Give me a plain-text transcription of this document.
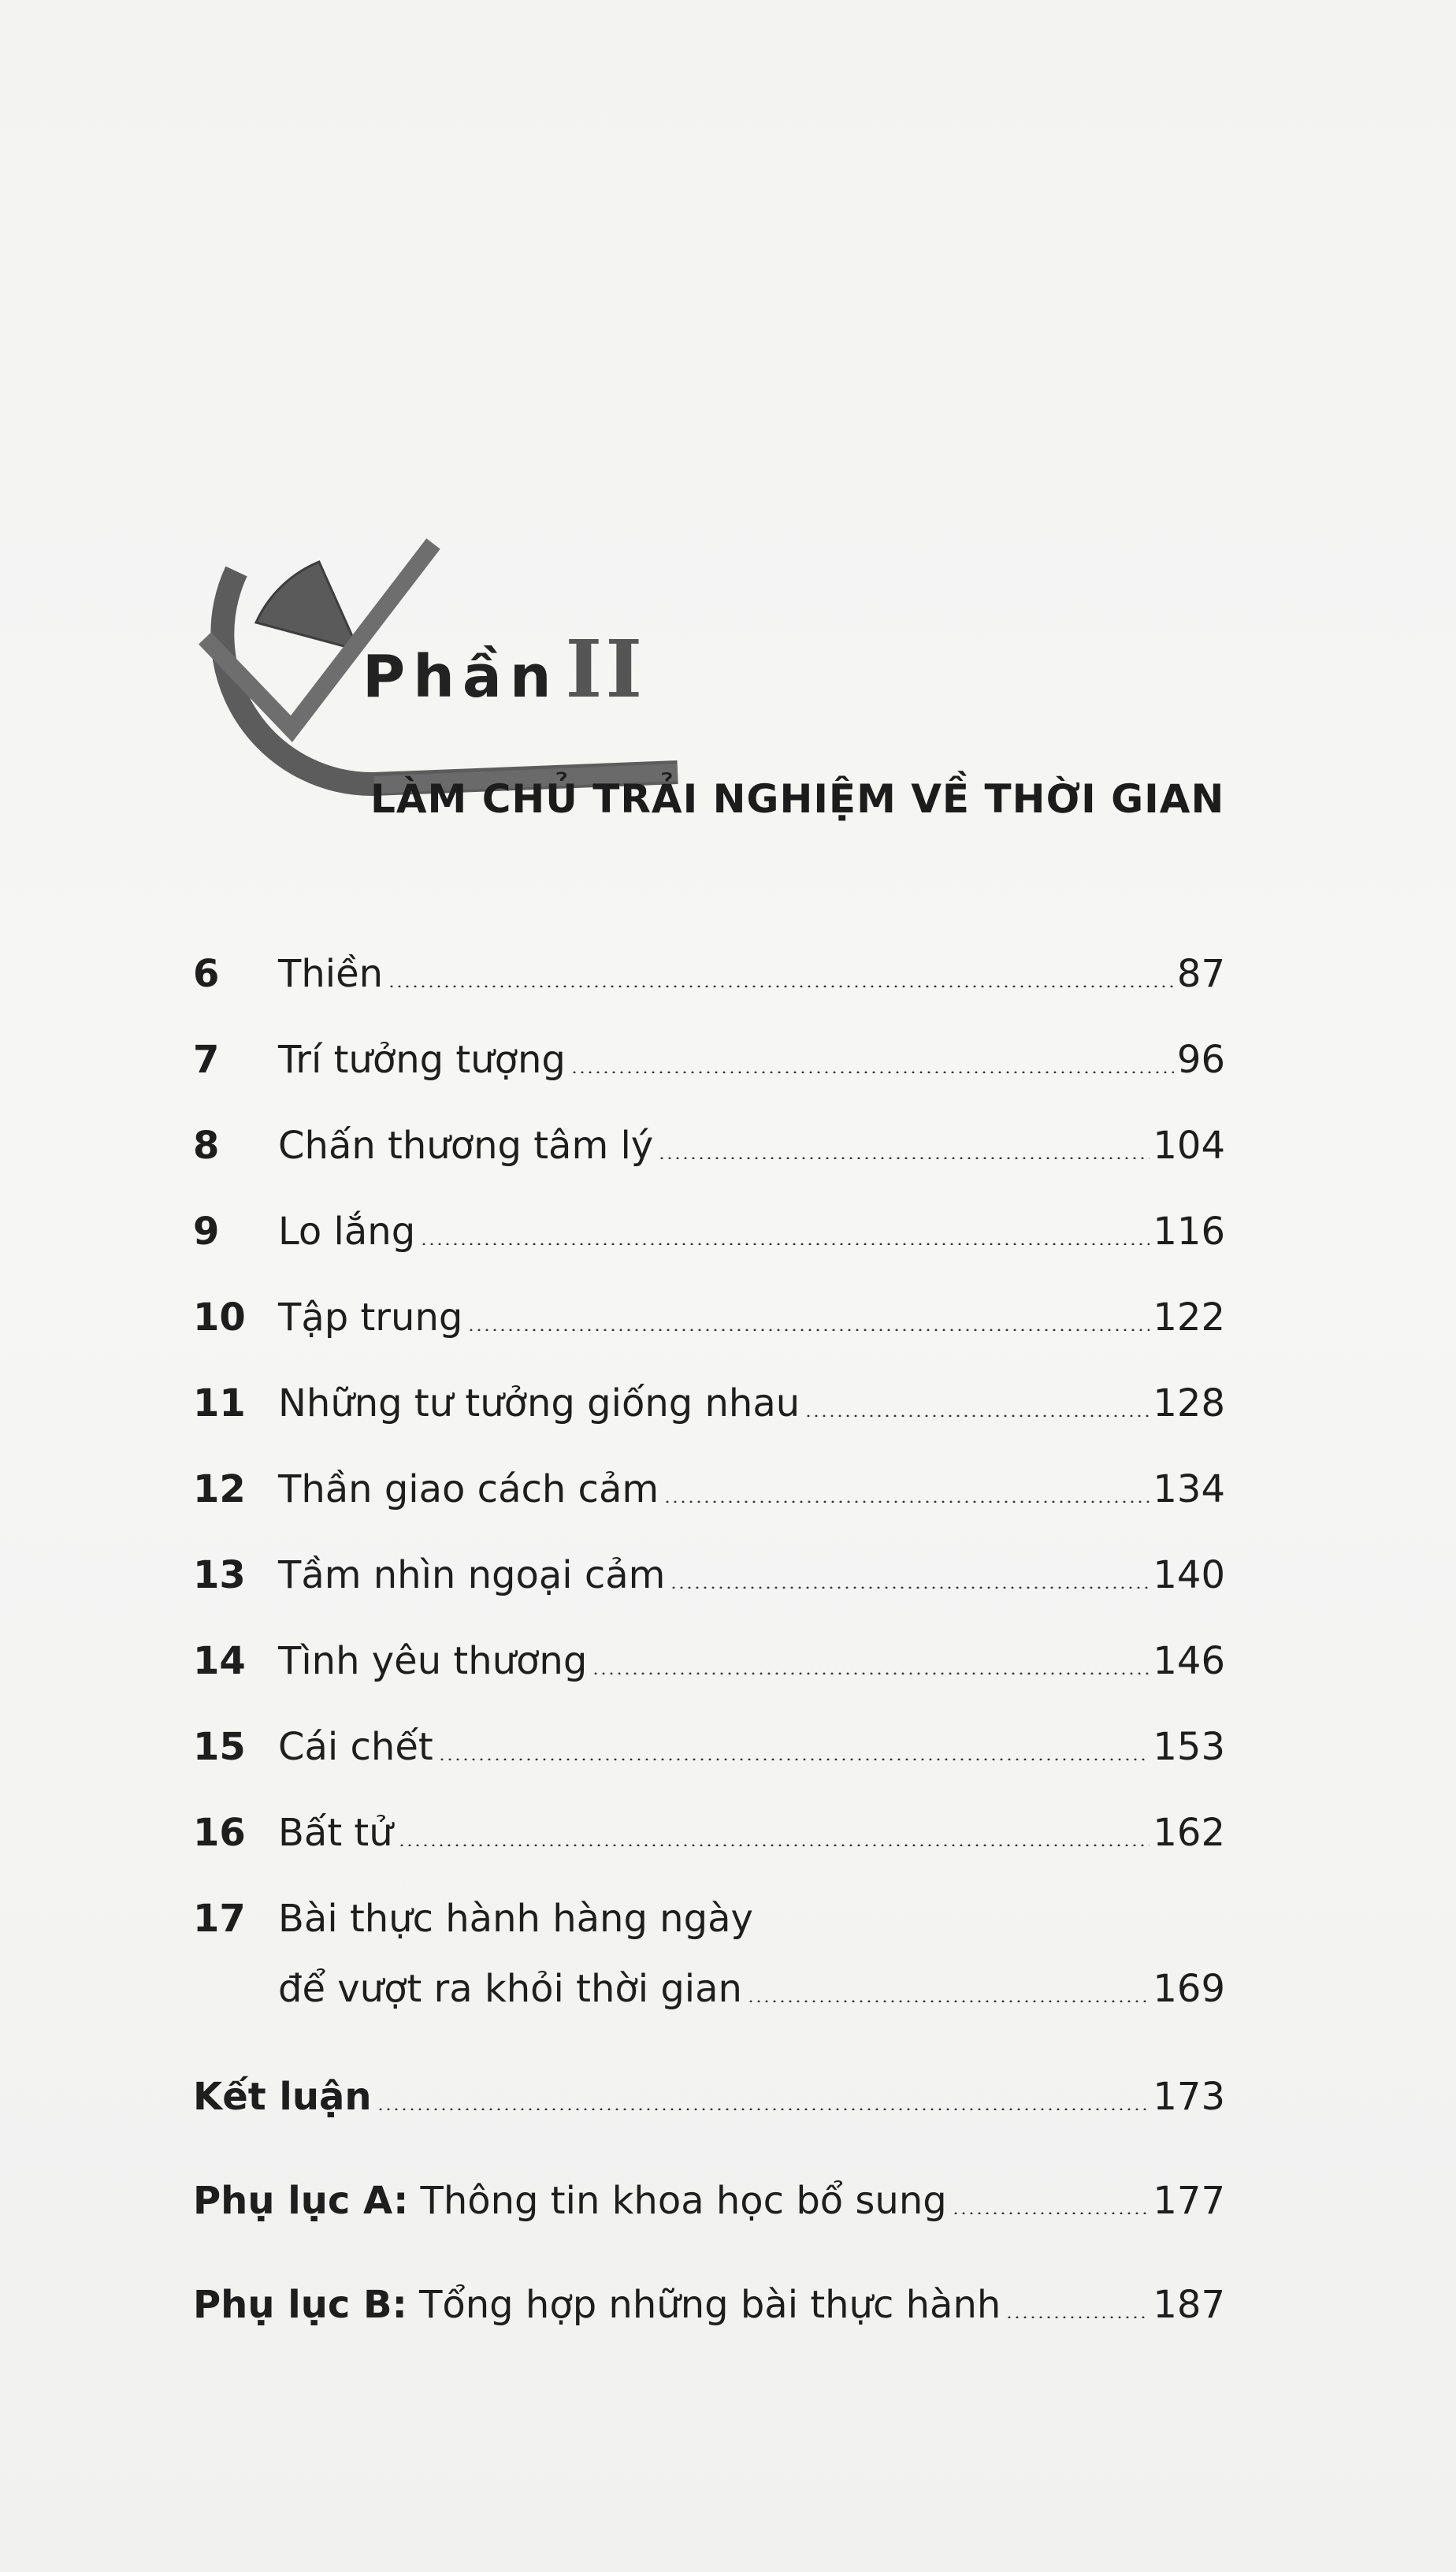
Phần II
LÀM CHỦ TRẢI NGHIỆM VỀ THỜI GIAN
6	Thiền	87
7	Trí tưởng tượng	96
8	Chấn thương tâm lý	104
9	Lo lắng	116
10 Tập trung	122
11 Những tư tưởng giống nhau	128
12 Thần giao cách cảm	134
13 Tầm nhìn ngoại cảm	140
14 Tình yêu thương	146
15 Cái chết	153
16 Bất tử	162
17 Bài thực hành hàng ngày
để vượt ra khỏi thời gian	169
Kết luận	173
Phụ lục A: Thông tin khoa học bổ sung	177
Phụ lục B: Tổng hợp những bài thực hành	187
